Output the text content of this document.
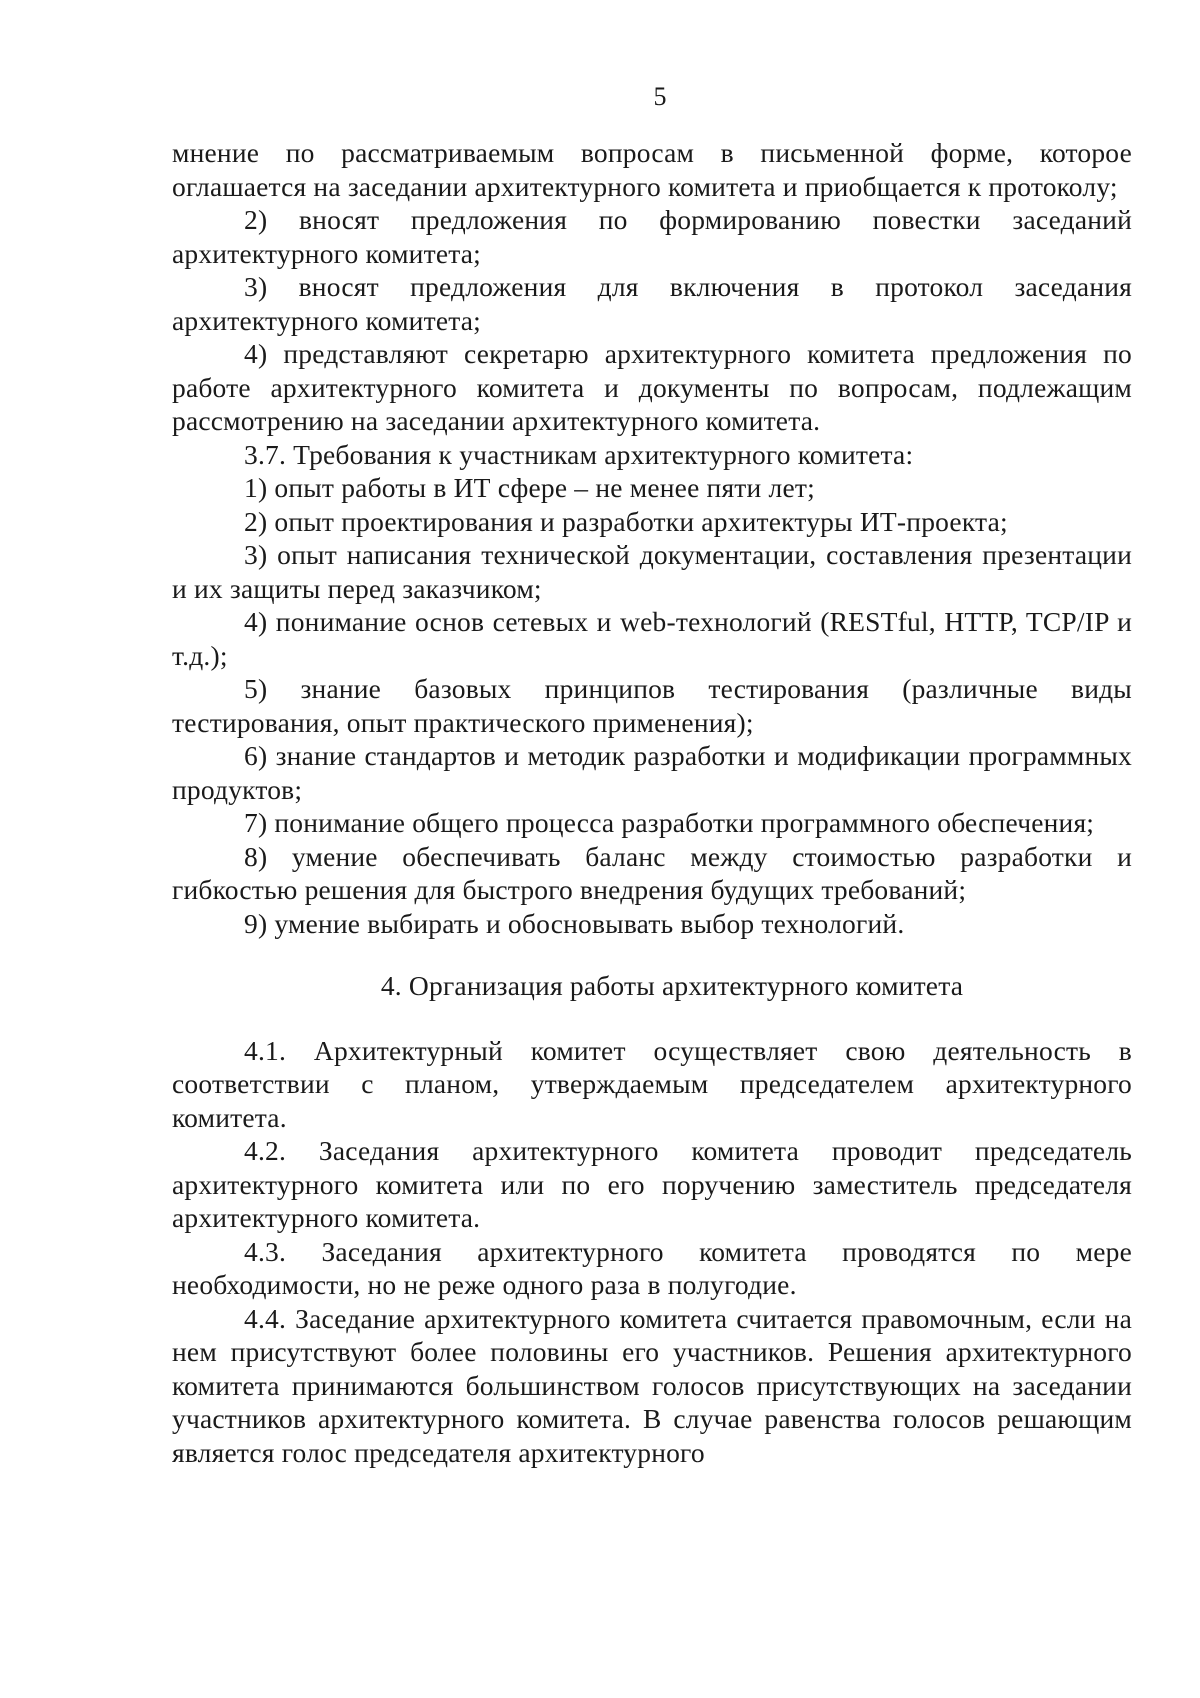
5

мнение по рассматриваемым вопросам в письменной форме, которое оглашается на заседании архитектурного комитета и приобщается к протоколу;

2) вносят предложения по формированию повестки заседаний архитектурного комитета;

3) вносят предложения для включения в протокол заседания архитектурного комитета;

4) представляют секретарю архитектурного комитета предложения по работе архитектурного комитета и документы по вопросам, подлежащим рассмотрению на заседании архитектурного комитета.

3.7. Требования к участникам архитектурного комитета:

1) опыт работы в ИТ сфере – не менее пяти лет;

2) опыт проектирования и разработки архитектуры ИТ-проекта;

3) опыт написания технической документации, составления презентации и их защиты перед заказчиком;

4) понимание основ сетевых и web-технологий (RESTful, HTTP, TCP/IP и т.д.);

5) знание базовых принципов тестирования (различные виды тестирования, опыт практического применения);

6) знание стандартов и методик разработки и модификации программных продуктов;

7) понимание общего процесса разработки программного обеспечения;

8) умение обеспечивать баланс между стоимостью разработки и гибкостью решения для быстрого внедрения будущих требований;

9) умение выбирать и обосновывать выбор технологий.

4. Организация работы архитектурного комитета

4.1. Архитектурный комитет осуществляет свою деятельность в соответствии с планом, утверждаемым председателем архитектурного комитета.

4.2. Заседания архитектурного комитета проводит председатель архитектурного комитета или по его поручению заместитель председателя архитектурного комитета.

4.3. Заседания архитектурного комитета проводятся по мере необходимости, но не реже одного раза в полугодие.

4.4. Заседание архитектурного комитета считается правомочным, если на нем присутствуют более половины его участников. Решения архитектурного комитета принимаются большинством голосов присутствующих на заседании участников архитектурного комитета. В случае равенства голосов решающим является голос председателя архитектурного
